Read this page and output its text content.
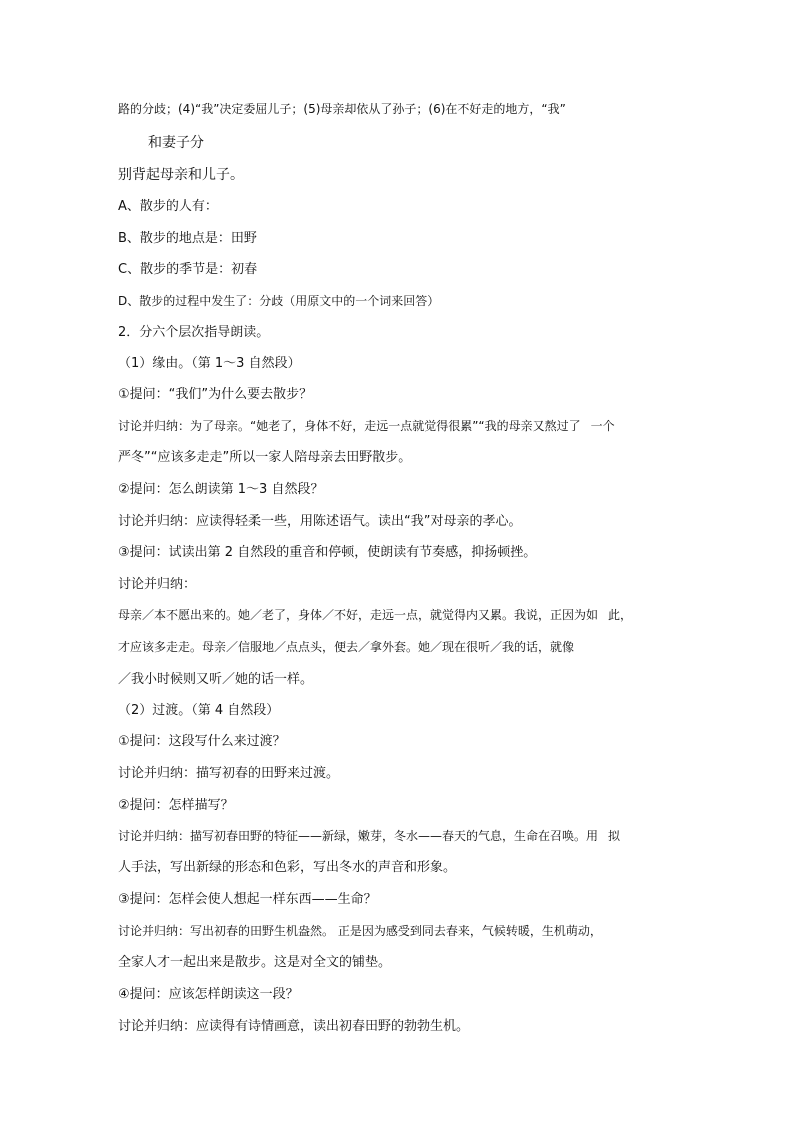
路的分歧；(4)“我”决定委屈儿子；(5)母亲却依从了孙子；(6)在不好走的地方，“我”
和妻子分
别背起母亲和儿子。
A、散步的人有：
B、散步的地点是：田野
C、散步的季节是：初春
D、散步的过程中发生了：分歧（用原文中的一个词来回答）
2．分六个层次指导朗读。
（1）缘由。（第 1～3 自然段）
①提问：“我们”为什么要去散步？
讨论并归纳：为了母亲。“她老了，身体不好，走远一点就觉得很累”“我的母亲又熬过了 一个
严冬”“应该多走走”所以一家人陪母亲去田野散步。
②提问：怎么朗读第 1～3 自然段？
讨论并归纳：应读得轻柔一些，用陈述语气。读出“我”对母亲的孝心。
③提问：试读出第 2 自然段的重音和停顿，使朗读有节奏感，抑扬顿挫。
讨论并归纳：
母亲／本不愿出来的。她／老了，身体／不好，走远一点，就觉得内又累。我说，正因为如 此，
才应该多走走。母亲／信服地／点点头，便去／拿外套。她／现在很听／我的话，就像
／我小时候则又听／她的话一样。
（2）过渡。（第 4 自然段）
①提问：这段写什么来过渡？
讨论并归纳：描写初春的田野来过渡。
②提问：怎样描写？
讨论并归纳：描写初春田野的特征——新绿，嫩芽，冬水——春天的气息，生命在召唤。用 拟
人手法，写出新绿的形态和色彩，写出冬水的声音和形象。
③提问：怎样会使人想起一样东西——生命？
讨论并归纳：写出初春的田野生机盎然。 正是因为感受到同去春来，气候转暖，生机萌动，
全家人才一起出来是散步。这是对全文的铺垫。
④提问：应该怎样朗读这一段？
讨论并归纳：应读得有诗情画意，读出初春田野的勃勃生机。
